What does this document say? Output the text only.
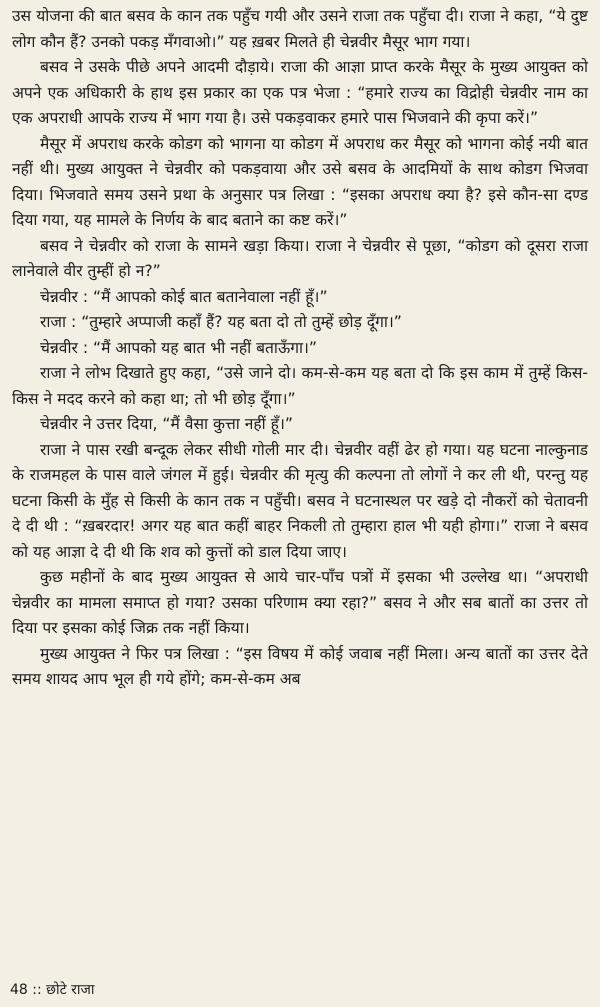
उस योजना की बात बसव के कान तक पहुँच गयी और उसने राजा तक पहुँचा दी। राजा ने कहा, “ये दुष्ट लोग कौन हैं? उनको पकड़ मँगवाओ।” यह ख़बर मिलते ही चेन्नवीर मैसूर भाग गया।

बसव ने उसके पीछे अपने आदमी दौड़ाये। राजा की आज्ञा प्राप्त करके मैसूर के मुख्य आयुक्त को अपने एक अधिकारी के हाथ इस प्रकार का एक पत्र भेजा : “हमारे राज्य का विद्रोही चेन्नवीर नाम का एक अपराधी आपके राज्य में भाग गया है। उसे पकड़वाकर हमारे पास भिजवाने की कृपा करें।”

मैसूर में अपराध करके कोडग को भागना या कोडग में अपराध कर मैसूर को भागना कोई नयी बात नहीं थी। मुख्य आयुक्त ने चेन्नवीर को पकड़वाया और उसे बसव के आदमियों के साथ कोडग भिजवा दिया। भिजवाते समय उसने प्रथा के अनुसार पत्र लिखा : “इसका अपराध क्या है? इसे कौन-सा दण्ड दिया गया, यह मामले के निर्णय के बाद बताने का कष्ट करें।”

बसव ने चेन्नवीर को राजा के सामने खड़ा किया। राजा ने चेन्नवीर से पूछा, “कोडग को दूसरा राजा लानेवाले वीर तुम्हीं हो न?”

चेन्नवीर : “मैं आपको कोई बात बतानेवाला नहीं हूँ।”

राजा : “तुम्हारे अप्पाजी कहाँ हैं? यह बता दो तो तुम्हें छोड़ दूँगा।”

चेन्नवीर : “मैं आपको यह बात भी नहीं बताऊँगा।”

राजा ने लोभ दिखाते हुए कहा, “उसे जाने दो। कम-से-कम यह बता दो कि इस काम में तुम्हें किस-किस ने मदद करने को कहा था; तो भी छोड़ दूँगा।”

चेन्नवीर ने उत्तर दिया, “मैं वैसा कुत्ता नहीं हूँ।”

राजा ने पास रखी बन्दूक लेकर सीधी गोली मार दी। चेन्नवीर वहीं ढेर हो गया। यह घटना नाल्कुनाड के राजमहल के पास वाले जंगल में हुई। चेन्नवीर की मृत्यु की कल्पना तो लोगों ने कर ली थी, परन्तु यह घटना किसी के मुँह से किसी के कान तक न पहुँची। बसव ने घटनास्थल पर खड़े दो नौकरों को चेतावनी दे दी थी : “ख़बरदार! अगर यह बात कहीं बाहर निकली तो तुम्हारा हाल भी यही होगा।” राजा ने बसव को यह आज्ञा दे दी थी कि शव को कुत्तों को डाल दिया जाए।

कुछ महीनों के बाद मुख्य आयुक्त से आये चार-पाँच पत्रों में इसका भी उल्लेख था। “अपराधी चेन्नवीर का मामला समाप्त हो गया? उसका परिणाम क्या रहा?” बसव ने और सब बातों का उत्तर तो दिया पर इसका कोई जिक्र तक नहीं किया।

मुख्य आयुक्त ने फिर पत्र लिखा : “इस विषय में कोई जवाब नहीं मिला। अन्य बातों का उत्तर देते समय शायद आप भूल ही गये होंगे; कम-से-कम अब

48 :: छोटे राजा
